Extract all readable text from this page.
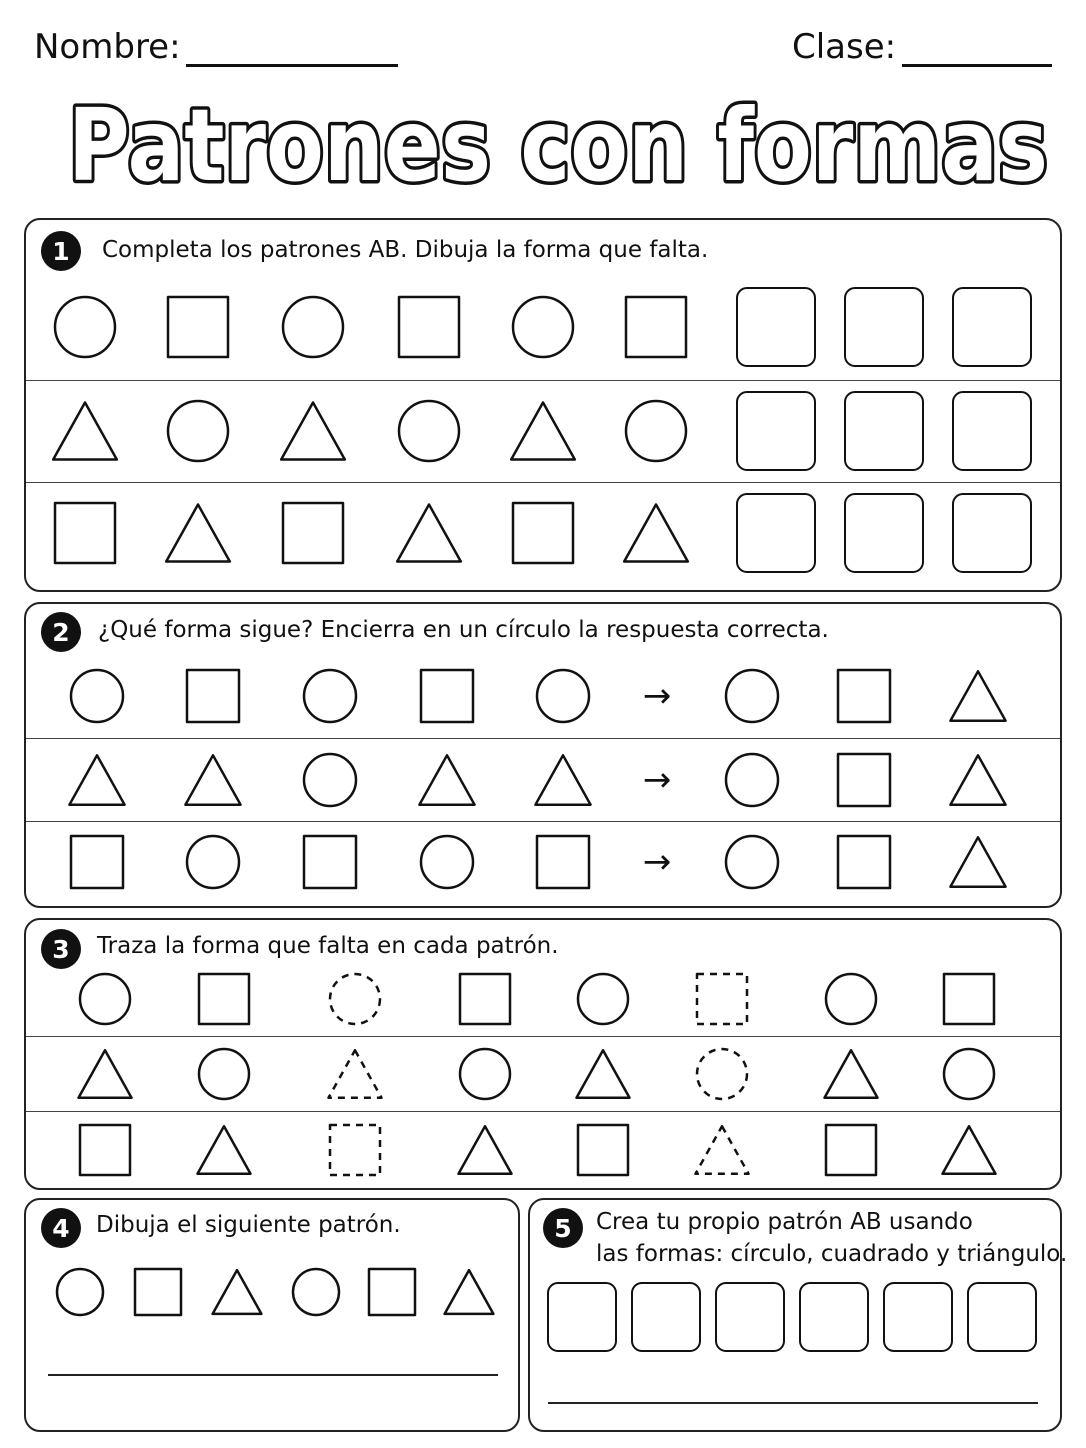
Nombre:	Clase:
Patrones con formas
1	Completa los patrones AB. Dibuja la forma que falta.
2	¿Qué forma sigue? Encierra en un círculo la respuesta correcta.
3	Traza la forma que falta en cada patrón.
4	Dibuja el siguiente patrón.	5	Crea tu propio patrón AB usando
las formas: círculo, cuadrado y triángulo.
→
→
→
